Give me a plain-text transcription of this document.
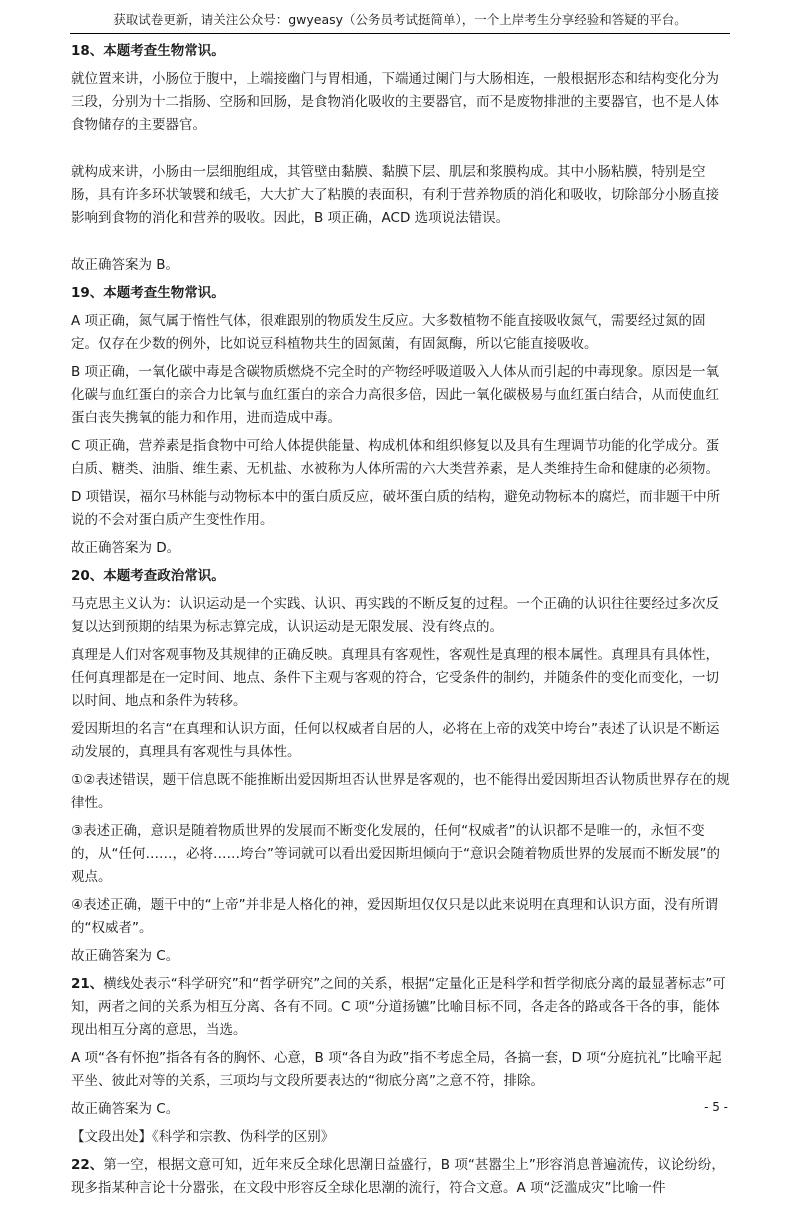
获取试卷更新，请关注公众号：gwyeasy（公务员考试挺简单），一个上岸考生分享经验和答疑的平台。

18、本题考查生物常识。

就位置来讲，小肠位于腹中，上端接幽门与胃相通，下端通过阑门与大肠相连，一般根据形态和结构变化分为三段，分别为十二指肠、空肠和回肠，是食物消化吸收的主要器官，而不是废物排泄的主要器官，也不是人体食物储存的主要器官。

就构成来讲，小肠由一层细胞组成，其管壁由黏膜、黏膜下层、肌层和浆膜构成。其中小肠粘膜，特别是空肠，具有许多环状皱襞和绒毛，大大扩大了粘膜的表面积，有利于营养物质的消化和吸收，切除部分小肠直接影响到食物的消化和营养的吸收。因此，B 项正确，ACD 选项说法错误。

故正确答案为 B。

19、本题考查生物常识。

A 项正确，氮气属于惰性气体，很难跟别的物质发生反应。大多数植物不能直接吸收氮气，需要经过氮的固定。仅存在少数的例外，比如说豆科植物共生的固氮菌，有固氮酶，所以它能直接吸收。

B 项正确，一氧化碳中毒是含碳物质燃烧不完全时的产物经呼吸道吸入人体从而引起的中毒现象。原因是一氧化碳与血红蛋白的亲合力比氧与血红蛋白的亲合力高很多倍，因此一氧化碳极易与血红蛋白结合，从而使血红蛋白丧失携氧的能力和作用，进而造成中毒。

C 项正确，营养素是指食物中可给人体提供能量、构成机体和组织修复以及具有生理调节功能的化学成分。蛋白质、糖类、油脂、维生素、无机盐、水被称为人体所需的六大类营养素，是人类维持生命和健康的必须物。

D 项错误，福尔马林能与动物标本中的蛋白质反应，破坏蛋白质的结构，避免动物标本的腐烂，而非题干中所说的不会对蛋白质产生变性作用。

故正确答案为 D。

20、本题考查政治常识。

马克思主义认为：认识运动是一个实践、认识、再实践的不断反复的过程。一个正确的认识往往要经过多次反复以达到预期的结果为标志算完成，认识运动是无限发展、没有终点的。

真理是人们对客观事物及其规律的正确反映。真理具有客观性，客观性是真理的根本属性。真理具有具体性，任何真理都是在一定时间、地点、条件下主观与客观的符合，它受条件的制约，并随条件的变化而变化，一切以时间、地点和条件为转移。

爱因斯坦的名言“在真理和认识方面，任何以权威者自居的人，必将在上帝的戏笑中垮台”表述了认识是不断运动发展的，真理具有客观性与具体性。

①②表述错误，题干信息既不能推断出爱因斯坦否认世界是客观的，也不能得出爱因斯坦否认物质世界存在的规律性。

③表述正确，意识是随着物质世界的发展而不断变化发展的，任何“权威者”的认识都不是唯一的，永恒不变的，从“任何……，必将……垮台”等词就可以看出爱因斯坦倾向于“意识会随着物质世界的发展而不断发展”的观点。

④表述正确，题干中的“上帝”并非是人格化的神，爱因斯坦仅仅只是以此来说明在真理和认识方面，没有所谓的“权威者”。

故正确答案为 C。

21、横线处表示“科学研究”和“哲学研究”之间的关系，根据“定量化正是科学和哲学彻底分离的最显著标志”可知，两者之间的关系为相互分离、各有不同。C 项“分道扬镳”比喻目标不同，各走各的路或各干各的事，能体现出相互分离的意思，当选。

A 项“各有怀抱”指各有各的胸怀、心意，B 项“各自为政”指不考虑全局，各搞一套，D 项“分庭抗礼”比喻平起平坐、彼此对等的关系，三项均与文段所要表达的“彻底分离”之意不符，排除。

故正确答案为 C。

【文段出处】《科学和宗教、伪科学的区别》

22、第一空，根据文意可知，近年来反全球化思潮日益盛行，B 项“甚嚣尘上”形容消息普遍流传，议论纷纷，现多指某种言论十分嚣张，在文段中形容反全球化思潮的流行，符合文意。A 项“泛滥成灾”比喻一件

- 5 -
